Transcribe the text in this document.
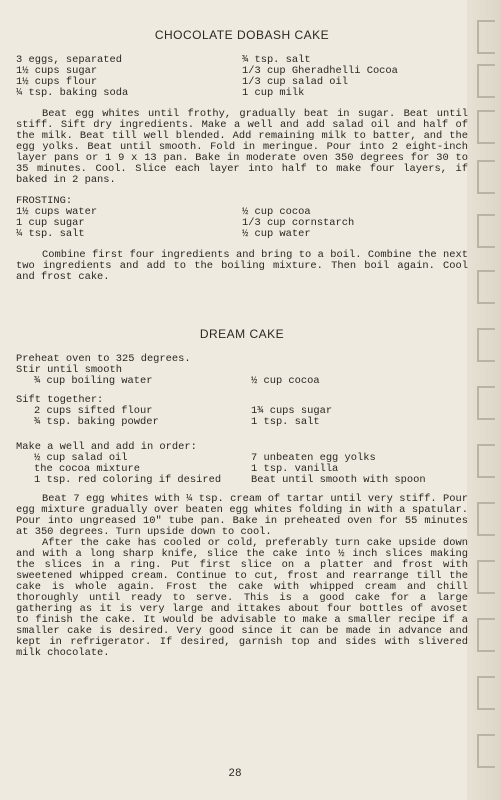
CHOCOLATE DOBASH CAKE
3 eggs, separated
1½ cups sugar
1½ cups flour
¼ tsp. baking soda
¾ tsp. salt
1/3 cup Gheradhelli Cocoa
1/3 cup salad oil
1 cup milk

Beat egg whites until frothy, gradually beat in sugar. Beat until stiff. Sift dry ingredients. Make a well and add salad oil and half of the milk. Beat till well blended. Add remaining milk to batter, and the egg yolks. Beat until smooth. Fold in meringue. Pour into 2 eight-inch layer pans or 1 9 x 13 pan. Bake in moderate oven 350 degrees for 30 to 35 minutes. Cool. Slice each layer into half to make four layers, if baked in 2 pans.

FROSTING:
1½ cups water
1 cup sugar
¼ tsp. salt
½ cup cocoa
1/3 cup cornstarch
½ cup water

Combine first four ingredients and bring to a boil. Combine the next two ingredients and add to the boiling mixture. Then boil again. Cool and frost cake.

DREAM CAKE
Preheat oven to 325 degrees.
Stir until smooth
¾ cup boiling water	½ cup cocoa
Sift together:
2 cups sifted flour
¾ tsp. baking powder
1¾ cups sugar
1 tsp. salt
Make a well and add in order:
½ cup salad oil
the cocoa mixture
1 tsp. red coloring if desired
7 unbeaten egg yolks
1 tsp. vanilla
Beat until smooth with spoon

Beat 7 egg whites with ¼ tsp. cream of tartar until very stiff. Pour egg mixture gradually over beaten egg whites folding in with a spatular. Pour into ungreased 10" tube pan. Bake in preheated oven for 55 minutes at 350 degrees. Turn upside down to cool.

After the cake has cooled or cold, preferably turn cake upside down and with a long sharp knife, slice the cake into ½ inch slices making the slices in a ring. Put first slice on a platter and frost with sweetened whipped cream. Continue to cut, frost and rearrange till the cake is whole again. Frost the cake with whipped cream and chill thoroughly until ready to serve. This is a good cake for a large gathering as it is very large and ittakes about four bottles of avoset to finish the cake. It would be advisable to make a smaller recipe if a smaller cake is desired. Very good since it can be made in advance and kept in refrigerator. If desired, garnish top and sides with slivered milk chocolate.

28
